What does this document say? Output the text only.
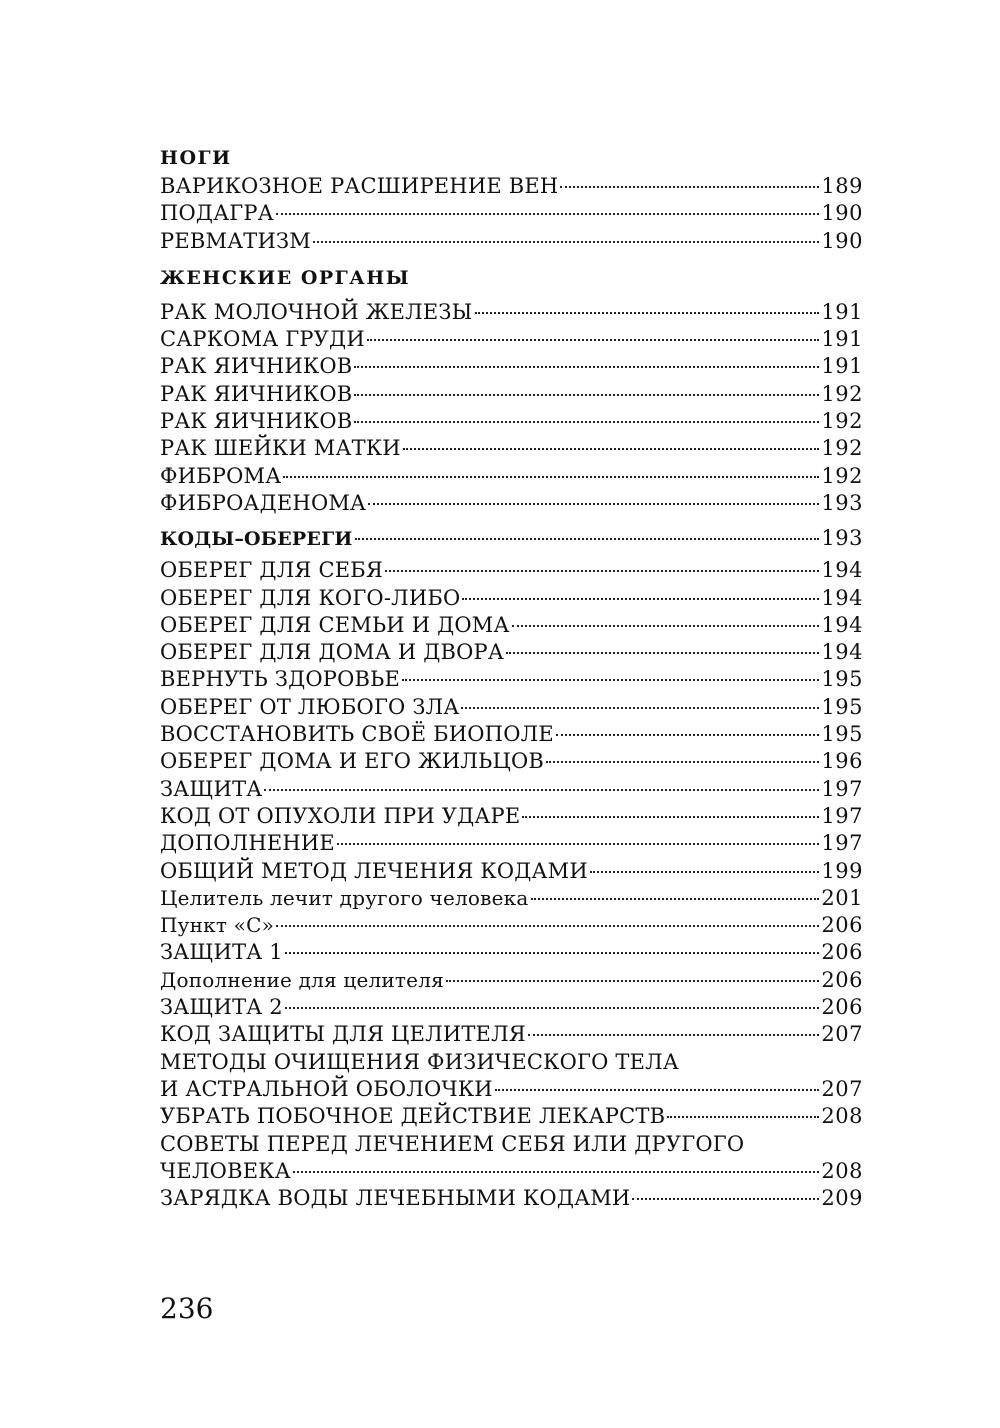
НОГИ
ВАРИКОЗНОЕ РАСШИРЕНИЕ ВЕН	189
ПОДАГРА	190
РЕВМАТИЗМ	190
ЖЕНСКИЕ ОРГАНЫ
РАК МОЛОЧНОЙ ЖЕЛЕЗЫ	191
САРКОМА ГРУДИ	191
РАК ЯИЧНИКОВ	191
РАК ЯИЧНИКОВ	192
РАК ЯИЧНИКОВ	192
РАК ШЕЙКИ МАТКИ	192
ФИБРОМА	192
ФИБРОАДЕНОМА	193
КОДЫ–ОБЕРЕГИ	193
ОБЕРЕГ ДЛЯ СЕБЯ	194
ОБЕРЕГ ДЛЯ КОГО-ЛИБО	194
ОБЕРЕГ ДЛЯ СЕМЬИ И ДОМА	194
ОБЕРЕГ ДЛЯ ДОМА И ДВОРА	194
ВЕРНУТЬ ЗДОРОВЬЕ	195
ОБЕРЕГ ОТ ЛЮБОГО ЗЛА	195
ВОССТАНОВИТЬ СВОЁ БИОПОЛЕ	195
ОБЕРЕГ ДОМА И ЕГО ЖИЛЬЦОВ	196
ЗАЩИТА	197
КОД ОТ ОПУХОЛИ ПРИ УДАРЕ	197
ДОПОЛНЕНИЕ	197
ОБЩИЙ МЕТОД ЛЕЧЕНИЯ КОДАМИ	199
Целитель лечит другого человека	201
Пункт «С»	206
ЗАЩИТА 1	206
Дополнение для целителя	206
ЗАЩИТА 2	206
КОД ЗАЩИТЫ ДЛЯ ЦЕЛИТЕЛЯ	207
МЕТОДЫ ОЧИЩЕНИЯ ФИЗИЧЕСКОГО ТЕЛА
И АСТРАЛЬНОЙ ОБОЛОЧКИ	207
УБРАТЬ ПОБОЧНОЕ ДЕЙСТВИЕ ЛЕКАРСТВ	208
СОВЕТЫ ПЕРЕД ЛЕЧЕНИЕМ СЕБЯ ИЛИ ДРУГОГО
ЧЕЛОВЕКА	208
ЗАРЯДКА ВОДЫ ЛЕЧЕБНЫМИ КОДАМИ	209
236
